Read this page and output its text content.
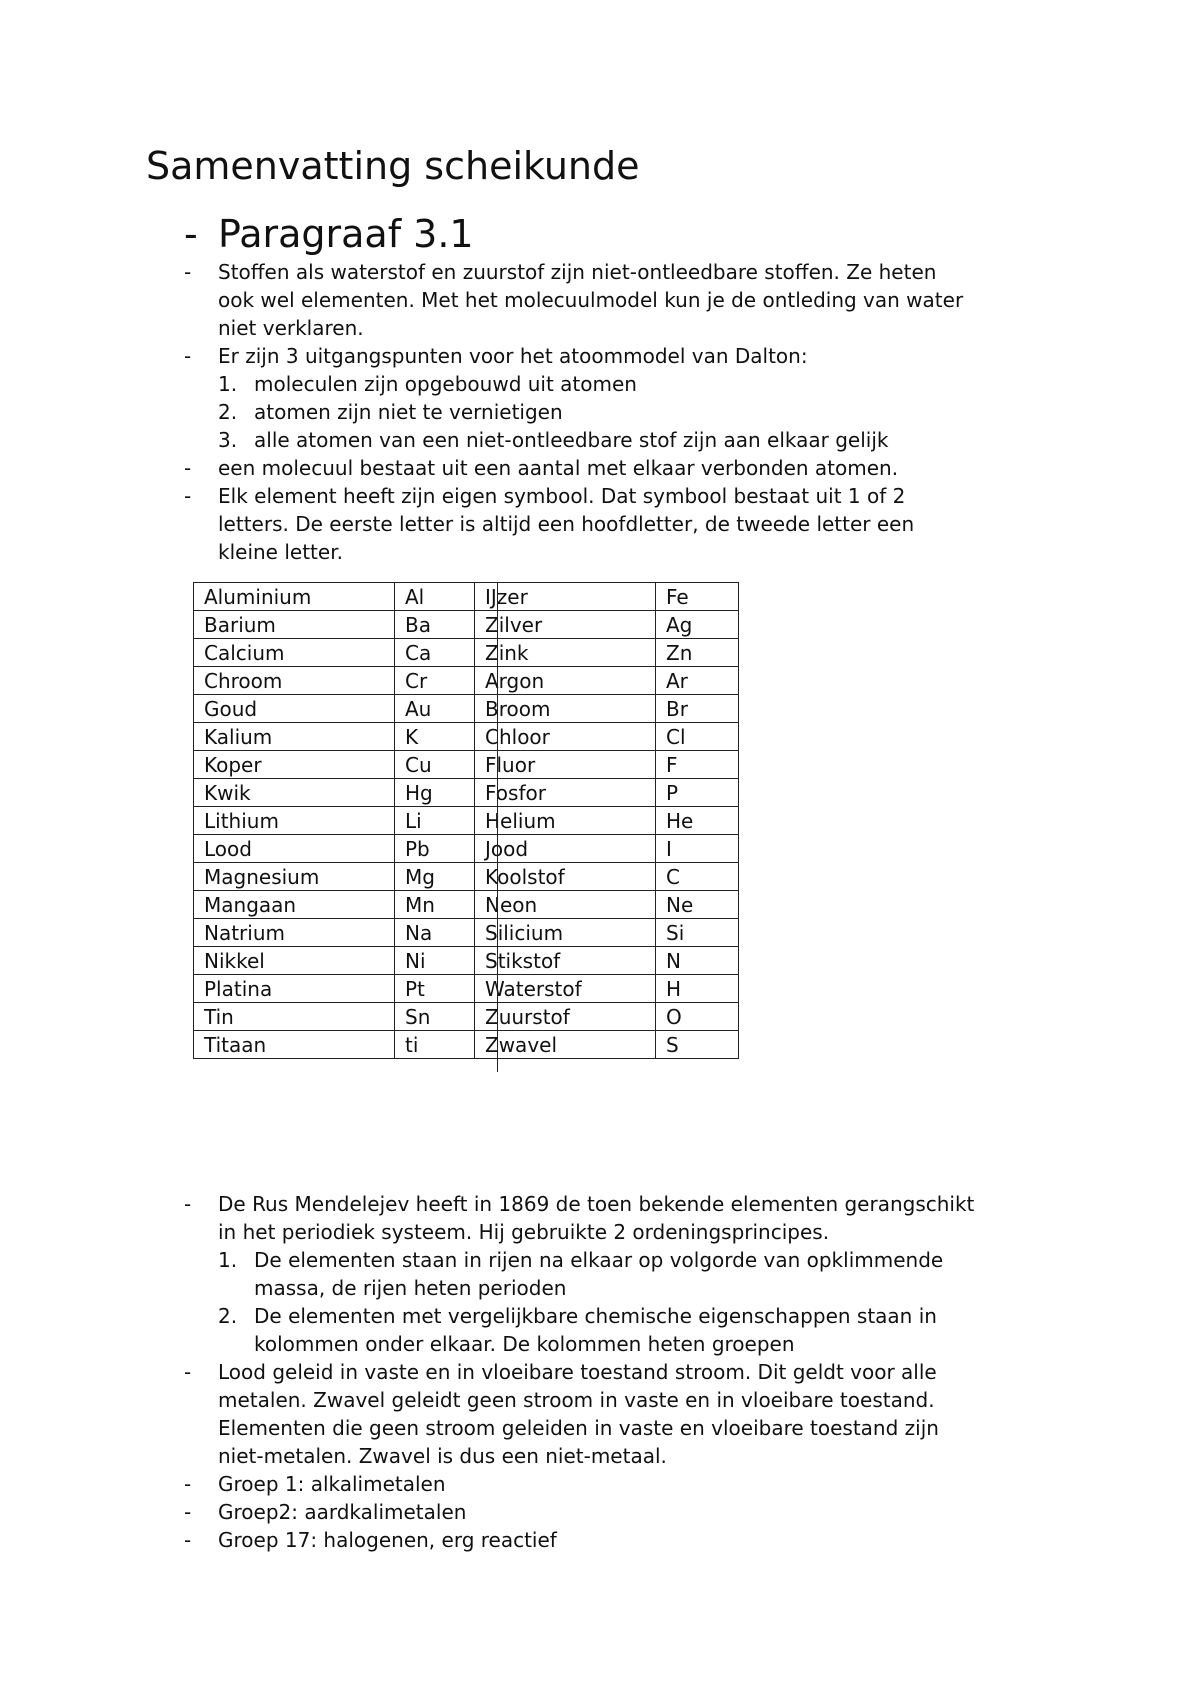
Samenvatting scheikunde
- Paragraaf 3.1
-	Stoffen als waterstof en zuurstof zijn niet-ontleedbare stoffen. Ze heten
ook wel elementen. Met het molecuulmodel kun je de ontleding van water
niet verklaren.
-	Er zijn 3 uitgangspunten voor het atoommodel van Dalton:
1. moleculen zijn opgebouwd uit atomen
2. atomen zijn niet te vernietigen
3. alle atomen van een niet-ontleedbare stof zijn aan elkaar gelijk
-	een molecuul bestaat uit een aantal met elkaar verbonden atomen.
-	Elk element heeft zijn eigen symbool. Dat symbool bestaat uit 1 of 2
letters. De eerste letter is altijd een hoofdletter, de tweede letter een
kleine letter.
Aluminium	Al	IJzer	Fe
Barium	Ba	Zilver	Ag
Calcium	Ca	Zink	Zn
Chroom	Cr	Argon	Ar
Goud	Au	Broom	Br
Kalium	K	Chloor	Cl
Koper	Cu	Fluor	F
Kwik	Hg	Fosfor	P
Lithium	Li	Helium	He
Lood	Pb	Jood	I
Magnesium	Mg	Koolstof	C
Mangaan	Mn	Neon	Ne
Natrium	Na	Silicium	Si
Nikkel	Ni	Stikstof	N
Platina	Pt	Waterstof	H
Tin	Sn	Zuurstof	O
Titaan	ti	Zwavel	S
-	De Rus Mendelejev heeft in 1869 de toen bekende elementen gerangschikt
in het periodiek systeem. Hij gebruikte 2 ordeningsprincipes.
1. De elementen staan in rijen na elkaar op volgorde van opklimmende
massa, de rijen heten perioden
2. De elementen met vergelijkbare chemische eigenschappen staan in
kolommen onder elkaar. De kolommen heten groepen
-	Lood geleid in vaste en in vloeibare toestand stroom. Dit geldt voor alle
metalen. Zwavel geleidt geen stroom in vaste en in vloeibare toestand.
Elementen die geen stroom geleiden in vaste en vloeibare toestand zijn
niet-metalen. Zwavel is dus een niet-metaal.
-	Groep 1: alkalimetalen
-	Groep2: aardkalimetalen
-	Groep 17: halogenen, erg reactief
